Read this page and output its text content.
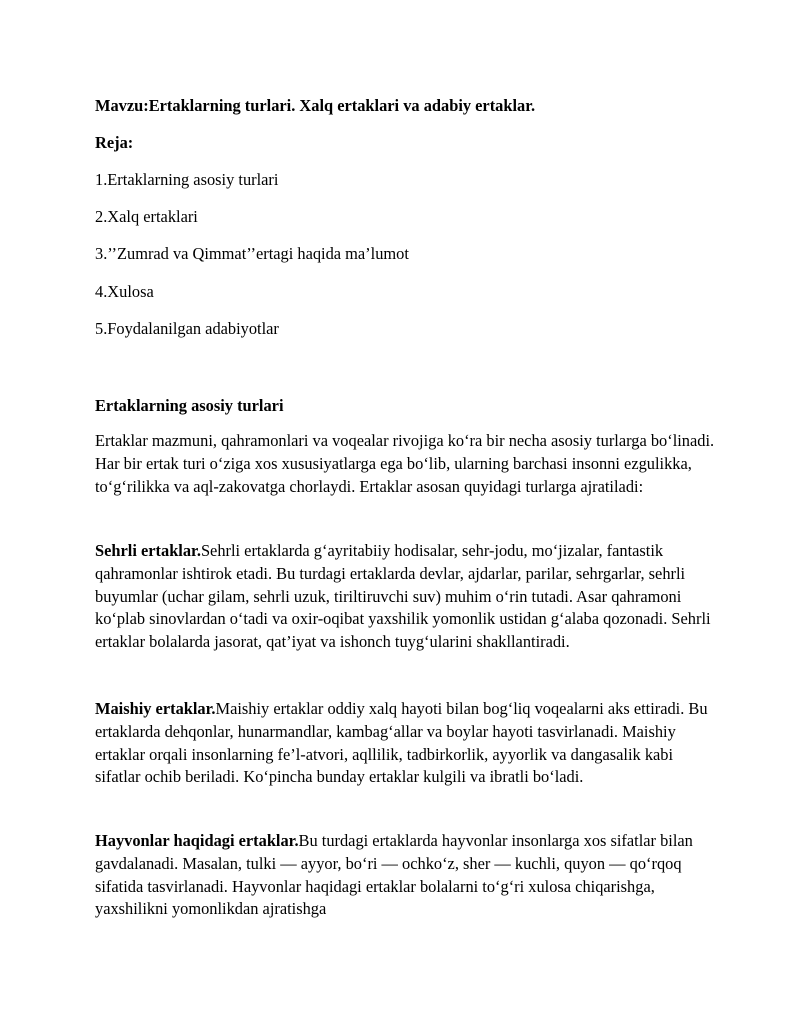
Mavzu:Ertaklarning turlari. Xalq ertaklari va adabiy ertaklar.
Reja:
1.Ertaklarning asosiy turlari
2.Xalq ertaklari
3.’’Zumrad va Qimmat’’ertagi haqida ma’lumot
4.Xulosa
5.Foydalanilgan adabiyotlar
Ertaklarning asosiy turlari

Ertaklar mazmuni, qahramonlari va voqealar rivojiga ko‘ra bir necha asosiy turlarga bo‘linadi. Har bir ertak turi o‘ziga xos xususiyatlarga ega bo‘lib, ularning barchasi insonni ezgulikka, to‘g‘rilikka va aql-zakovatga chorlaydi. Ertaklar asosan quyidagi turlarga ajratiladi:

Sehrli ertaklar.Sehrli ertaklarda g‘ayritabiiy hodisalar, sehr-jodu, mo‘jizalar, fantastik qahramonlar ishtirok etadi. Bu turdagi ertaklarda devlar, ajdarlar, parilar, sehrgarlar, sehrli buyumlar (uchar gilam, sehrli uzuk, tiriltiruvchi suv) muhim o‘rin tutadi. Asar qahramoni ko‘plab sinovlardan o‘tadi va oxir-oqibat yaxshilik yomonlik ustidan g‘alaba qozonadi. Sehrli ertaklar bolalarda jasorat, qat’iyat va ishonch tuyg‘ularini shakllantiradi.

Maishiy ertaklar.Maishiy ertaklar oddiy xalq hayoti bilan bog‘liq voqealarni aks ettiradi. Bu ertaklarda dehqonlar, hunarmandlar, kambag‘allar va boylar hayoti tasvirlanadi. Maishiy ertaklar orqali insonlarning fe’l-atvori, aqllilik, tadbirkorlik, ayyorlik va dangasalik kabi sifatlar ochib beriladi. Ko‘pincha bunday ertaklar kulgili va ibratli bo‘ladi.

Hayvonlar haqidagi ertaklar.Bu turdagi ertaklarda hayvonlar insonlarga xos sifatlar bilan gavdalanadi. Masalan, tulki — ayyor, bo‘ri — ochko‘z, sher — kuchli, quyon — qo‘rqoq sifatida tasvirlanadi. Hayvonlar haqidagi ertaklar bolalarni to‘g‘ri xulosa chiqarishga, yaxshilikni yomonlikdan ajratishga
